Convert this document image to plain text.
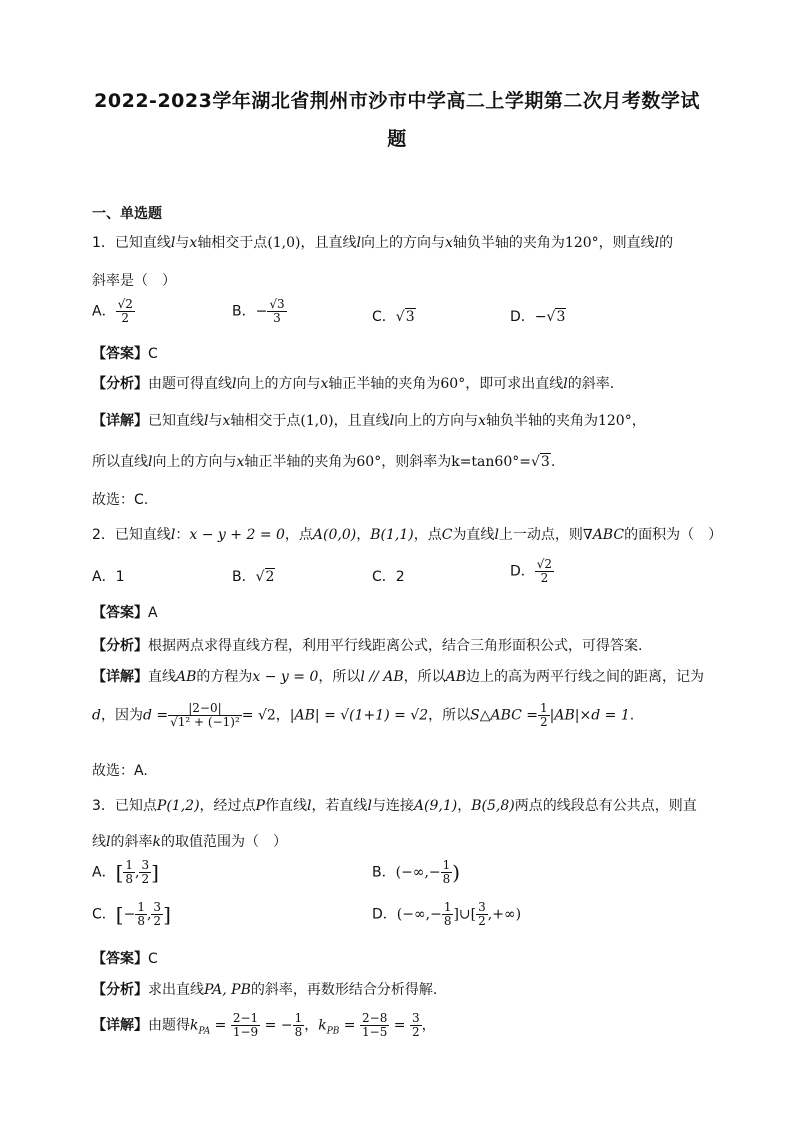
2022-2023学年湖北省荆州市沙市中学高二上学期第二次月考数学试
题
一、单选题
1．已知直线l与x轴相交于点(1,0)，且直线l向上的方向与x轴负半轴的夹角为120°，则直线l的
斜率是（　）
A． $\frac{√2}{2}$	B．− $\frac{√3}{3}$	C．√3	D．−√3
【答案】C
【分析】由题可得直线l向上的方向与x轴正半轴的夹角为60°，即可求出直线l的斜率.
【详解】已知直线l与x轴相交于点(1,0)，且直线l向上的方向与x轴负半轴的夹角为120°，
所以直线l向上的方向与x轴正半轴的夹角为60°，则斜率为k=tan60°=√3.
故选：C.
2．已知直线l：x − y + 2 = 0，点A(0,0)，B(1,1)，点C为直线l上一动点，则∇ABC的面积为（　）
A．1	B．√2	C．2	D． $\frac{√2}{2}$
【答案】A
【分析】根据两点求得直线方程，利用平行线距离公式，结合三角形面积公式，可得答案.
【详解】直线AB的方程为x − y = 0，所以l // AB，所以AB边上的高为两平行线之间的距离，记为
d，因为$d = \frac{|2-0|}{\text{√1² + (−1)²}} = √2$，|AB| = √(1+1) = √2，所以S△ABC = $\frac{1}{2} |AB|\times d = 1$.
故选：A.
3．已知点P(1,2)，经过点P作直线l，若直线l与连接A(9,1)，B(5,8)两点的线段总有公共点，则直
线l的斜率k的取值范围为（　）
A．[ $\frac{1}{8}$ , $\frac{3}{2}$ ]	B．(−∞,− $\frac{1}{8}$ )
C．[− $\frac{1}{8}$ , $\frac{3}{2}$ ]	D．(−∞,− $\frac{1}{8}$ ]∪[ $\frac{3}{2}$ ,+∞)
【答案】C
【分析】求出直线PA, PB的斜率，再数形结合分析得解.
【详解】由题得$k_{PA} = \frac{2-1}{1-9}$ = − $\frac{1}{8}$ ，$k_{PB} = \frac{2-8}{1-5} = \frac{3}{2}$ ，
